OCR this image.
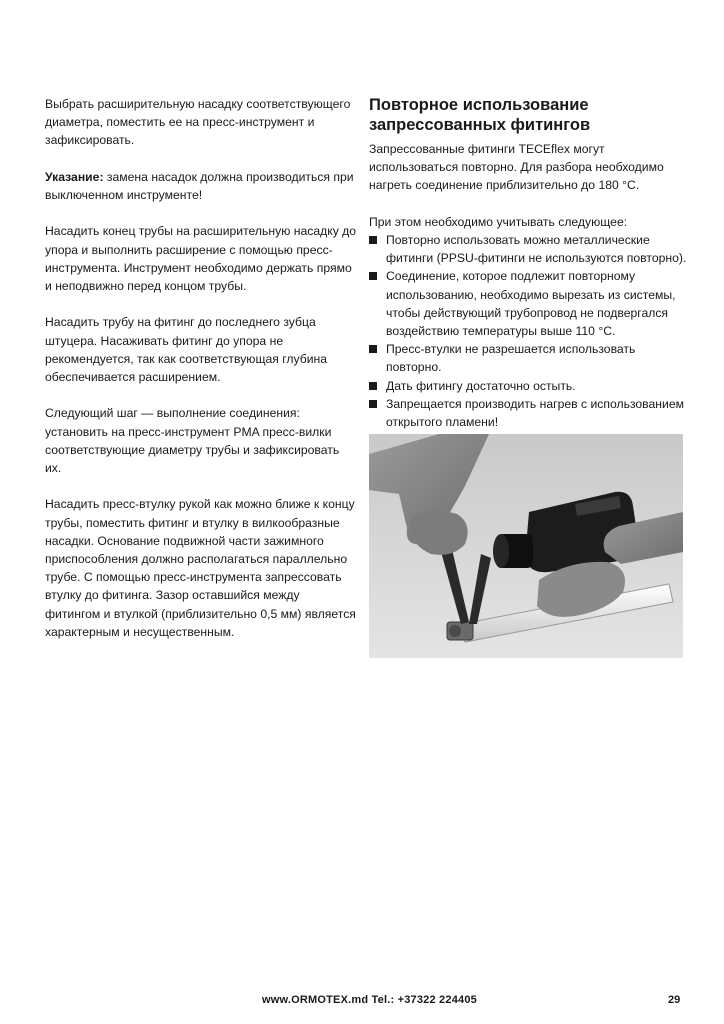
Выбрать расширительную насадку соответствующего диаметра, поместить ее на пресс-инструмент и зафиксировать.

Указание: замена насадок должна производиться при выключенном инструменте!

Насадить конец трубы на расширительную насадку до упора и выполнить расширение с помощью пресс- инструмента. Инструмент необходимо держать прямо и неподвижно перед концом трубы.

Насадить трубу на фитинг до последнего зубца штуцера. Насаживать фитинг до упора не рекомендуется, так как соответствующая глубина обеспечивается расширением.

Следующий шаг — выполнение соединения: установить на пресс-инструмент PMA пресс-вилки соответствующие диаметру трубы и зафиксировать их.

Насадить пресс-втулку рукой как можно ближе к концу трубы, поместить фитинг и втулку в вилкообразные насадки. Основание подвижной части зажимного приспособления должно располагаться параллельно трубе. С помощью пресс-инструмента запрессовать втулку до фитинга. Зазор оставшийся между фитингом и втулкой (приблизительно 0,5 мм) является характерным и несущественным.

Повторное использование запрессованных фитингов

Запрессованные фитинги TECEflex могут использоваться повторно. Для разбора необходимо нагреть соединение приблизительно до 180 °С.

При этом необходимо учитывать следующее:

Повторно использовать можно металлические фитинги (PPSU-фитинги не используются повторно).
Соединение, которое подлежит повторному использованию, необходимо вырезать из системы, чтобы действующий трубопровод не подвергался воздействию температуры выше 110 °С.
Пресс-втулки не разрешается использовать повторно.
Дать фитингу достаточно остыть.
Запрещается производить нагрев с использованием открытого пламени!
www.ORMOTEX.md Tel.: +37322 224405	29
